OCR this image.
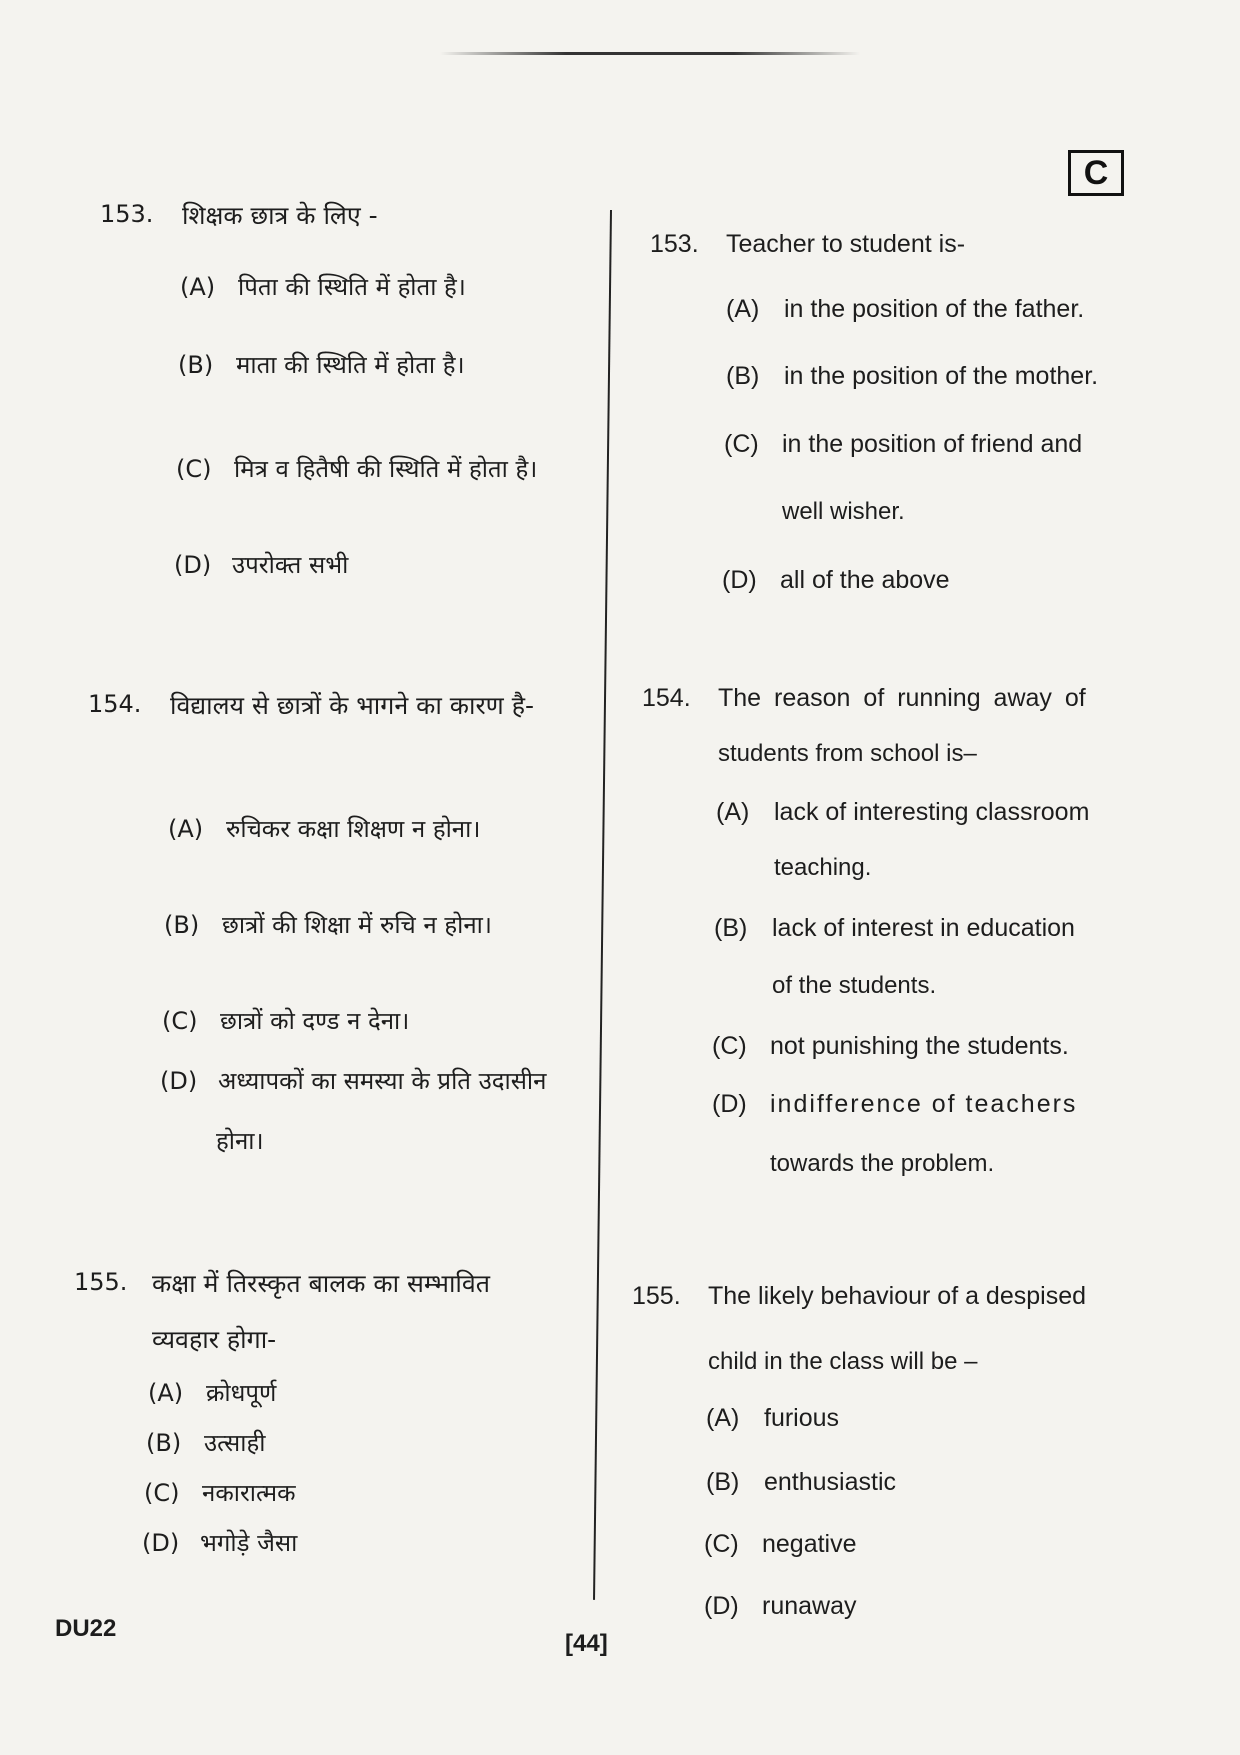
C
153. शिक्षक छात्र के लिए -
(A) पिता की स्थिति में होता है।
(B) माता की स्थिति में होता है।
(C) मित्र व हितैषी की स्थिति में होता है।
(D) उपरोक्त सभी
154. विद्यालय से छात्रों के भागने का कारण है-
(A) रुचिकर कक्षा शिक्षण न होना।
(B) छात्रों की शिक्षा में रुचि न होना।
(C) छात्रों को दण्ड न देना।
(D) अध्यापकों का समस्या के प्रति उदासीन
होना।
155. कक्षा में तिरस्कृत बालक का सम्भावित
व्यवहार होगा-
(A) क्रोधपूर्ण
(B) उत्साही
(C) नकारात्मक
(D) भगोड़े जैसा
153. Teacher to student is-
(A) in the position of the father.
(B) in the position of the mother.
(C) in the position of friend and
well wisher.
(D) all of the above
154. The reason of running away of
students from school is–
(A) lack of interesting classroom
teaching.
(B) lack of interest in education
of the students.
(C) not punishing the students.
(D) indifference of teachers
towards the problem.
155. The likely behaviour of a despised
child in the class will be –
(A) furious
(B) enthusiastic
(C) negative
(D) runaway
DU22
[44]
